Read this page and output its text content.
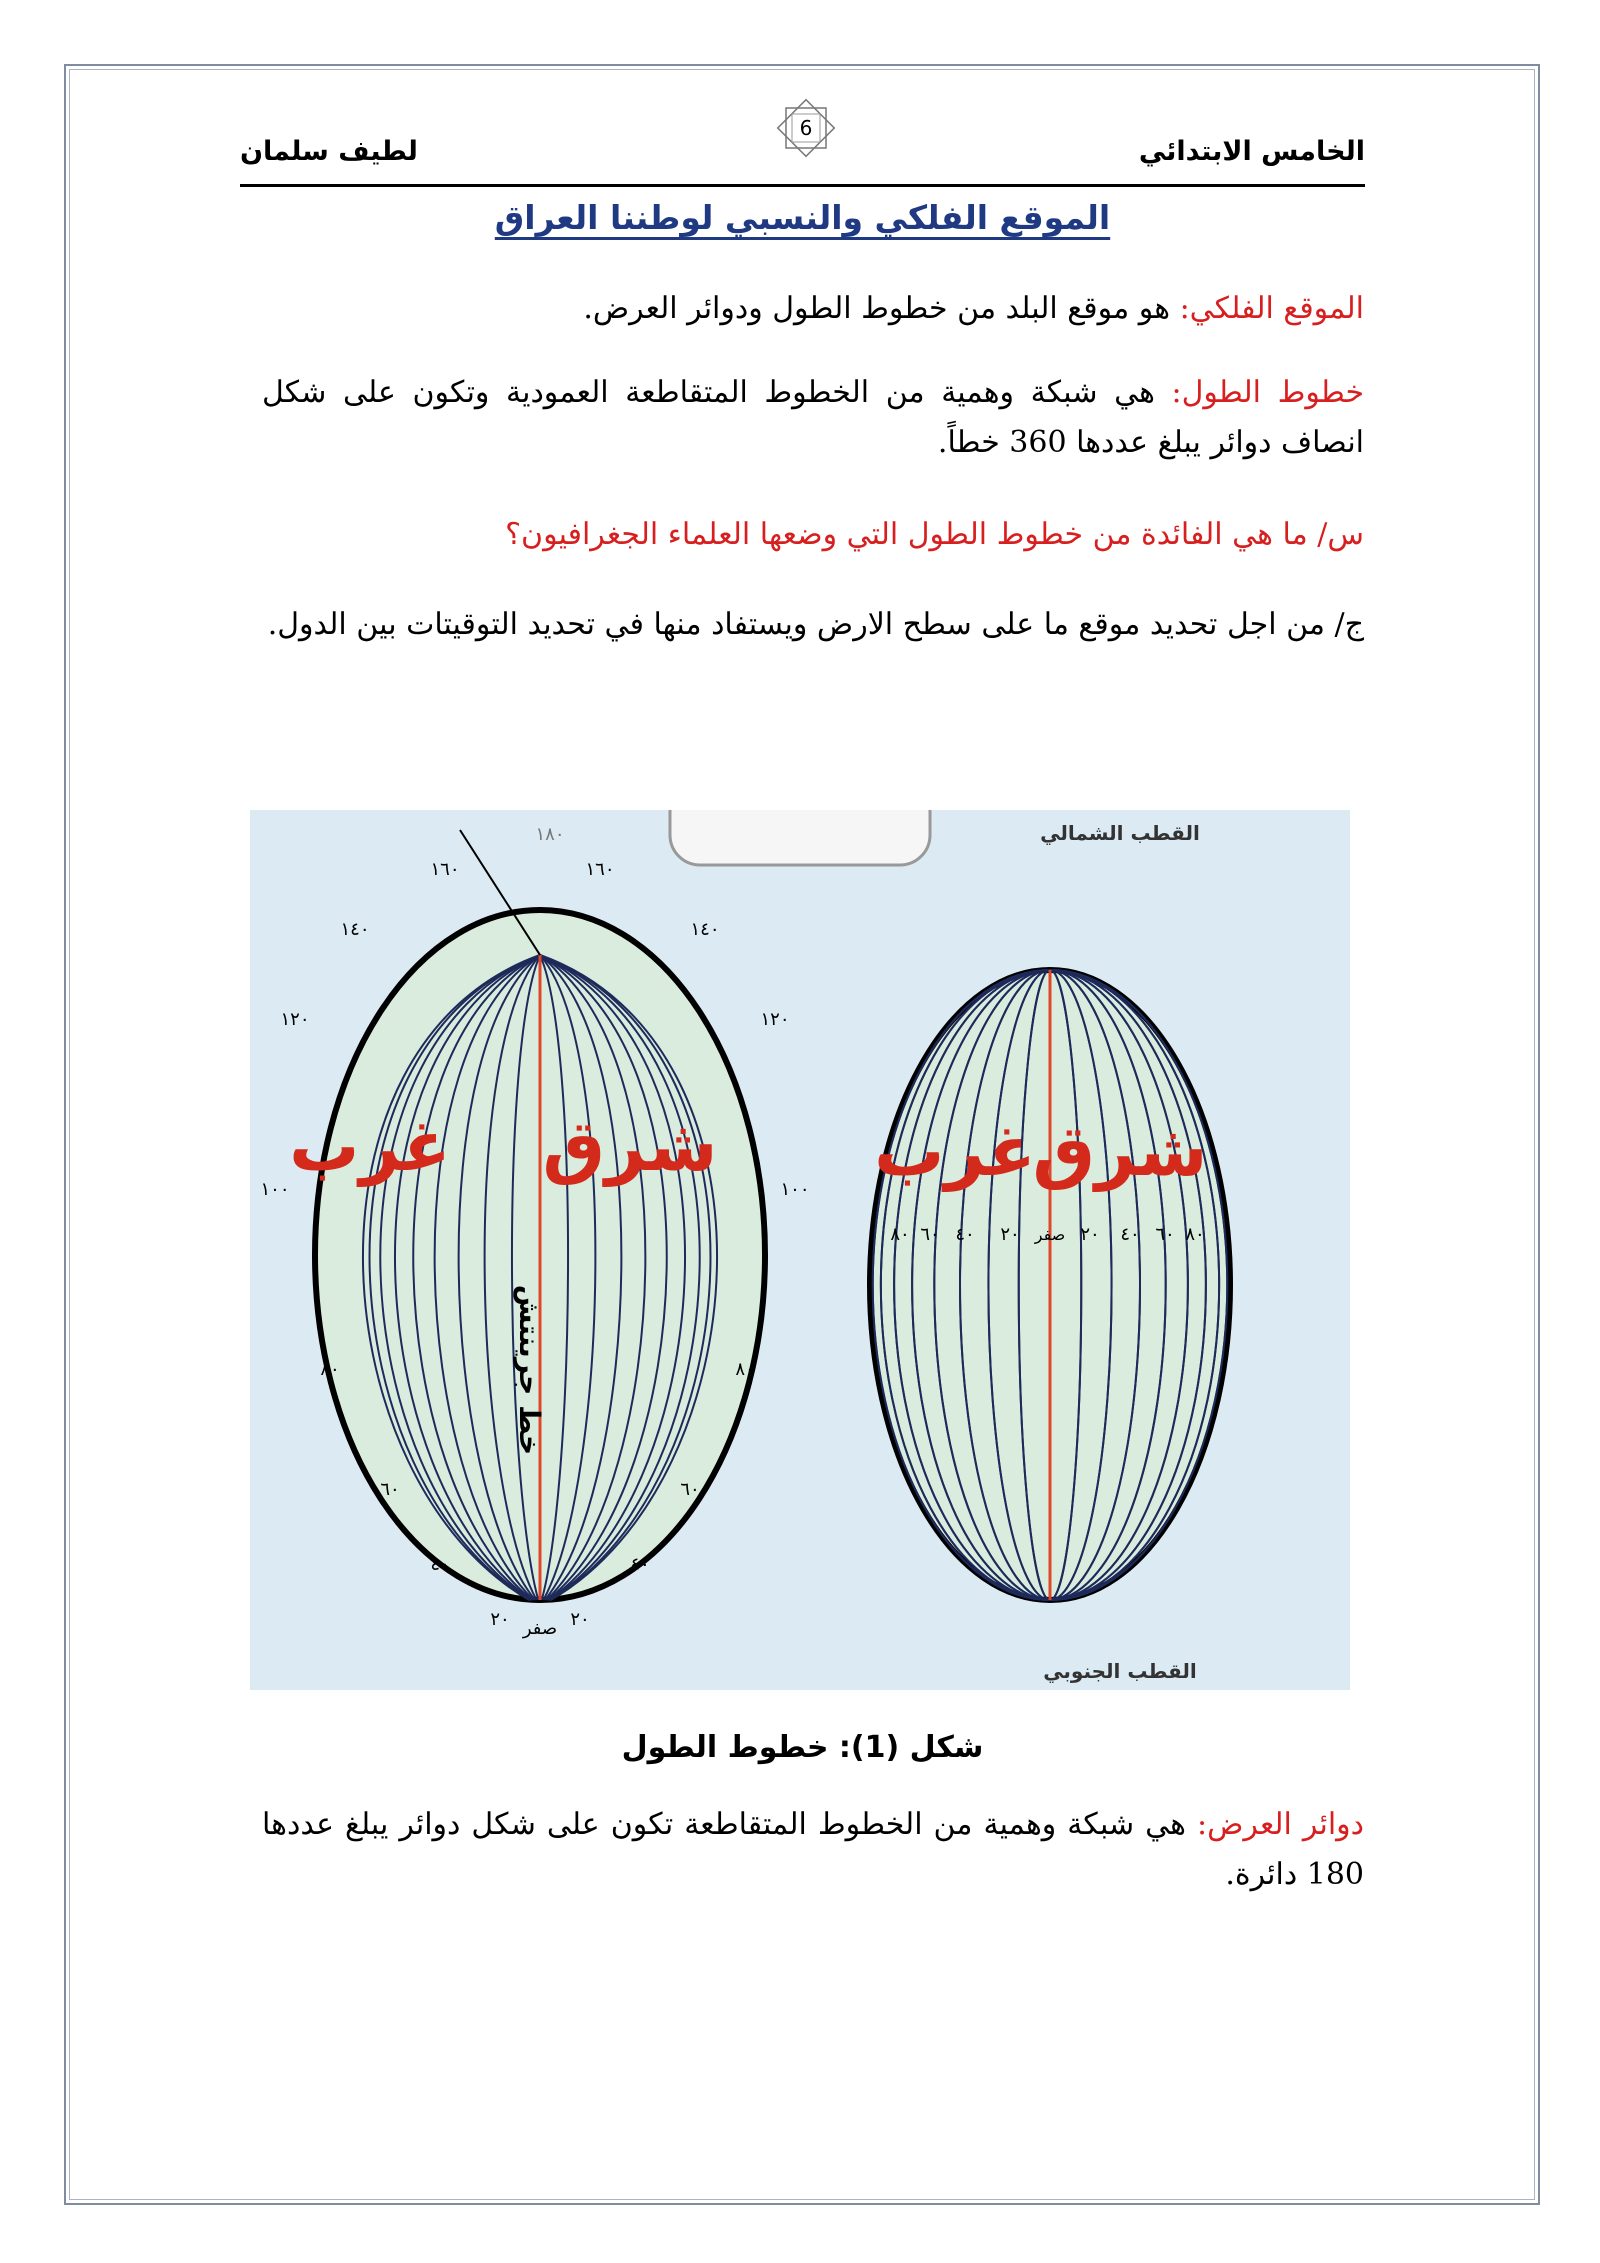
الخامس الابتدائي
لطيف سلمان
6
الموقع الفلكي والنسبي لوطننا العراق
الموقع الفلكي: هو موقع البلد من خطوط الطول ودوائر العرض.
خطوط الطول: هي شبكة وهمية من الخطوط المتقاطعة العمودية وتكون على شكل انصاف دوائر يبلغ عددها 360 خطاً.
س/ ما هي الفائدة من خطوط الطول التي وضعها العلماء الجغرافيون؟
ج/ من اجل تحديد موقع ما على سطح الارض ويستفاد منها في تحديد التوقيتات بين الدول.
شرق
غرب
خط جرينتش
صفر
١٨٠
١٦٠
١٤٠
١٢٠
١٠٠
٨٠
٦٠
٤٠
٢٠
١٦٠
١٤٠
١٢٠
١٠٠
٨٠
٦٠
٤٠
٢٠
شرق
غرب
القطب الشمالي
القطب الجنوبي
صفر ٢٠ ٤٠ ٦٠ ٨٠
٢٠
٤٠
٦٠
٨٠
شكل (1): خطوط الطول
دوائر العرض: هي شبكة وهمية من الخطوط المتقاطعة تكون على شكل دوائر يبلغ عددها 180 دائرة.
